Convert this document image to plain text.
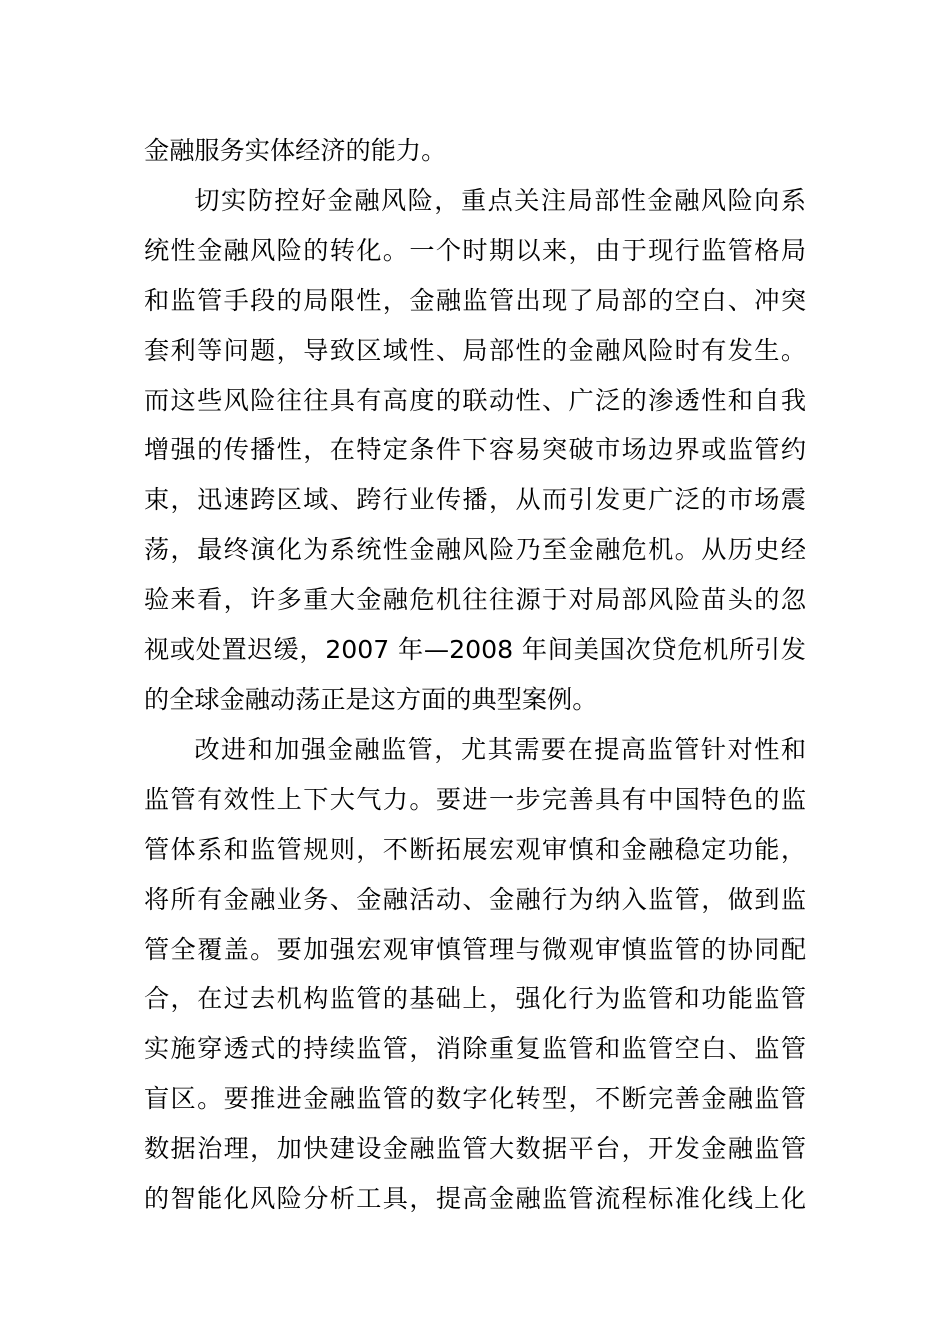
金融服务实体经济的能力。

切实防控好金融风险，重点关注局部性金融风险向系
统性金融风险的转化。一个时期以来，由于现行监管格局
和监管手段的局限性，金融监管出现了局部的空白、冲突
套利等问题，导致区域性、局部性的金融风险时有发生。
而这些风险往往具有高度的联动性、广泛的渗透性和自我
增强的传播性，在特定条件下容易突破市场边界或监管约
束，迅速跨区域、跨行业传播，从而引发更广泛的市场震
荡，最终演化为系统性金融风险乃至金融危机。从历史经
验来看，许多重大金融危机往往源于对局部风险苗头的忽
视或处置迟缓，2007 年—2008 年间美国次贷危机所引发
的全球金融动荡正是这方面的典型案例。

改进和加强金融监管，尤其需要在提高监管针对性和
监管有效性上下大气力。要进一步完善具有中国特色的监
管体系和监管规则，不断拓展宏观审慎和金融稳定功能，
将所有金融业务、金融活动、金融行为纳入监管，做到监
管全覆盖。要加强宏观审慎管理与微观审慎监管的协同配
合，在过去机构监管的基础上，强化行为监管和功能监管
实施穿透式的持续监管，消除重复监管和监管空白、监管
盲区。要推进金融监管的数字化转型，不断完善金融监管
数据治理，加快建设金融监管大数据平台，开发金融监管
的智能化风险分析工具，提高金融监管流程标准化线上化
